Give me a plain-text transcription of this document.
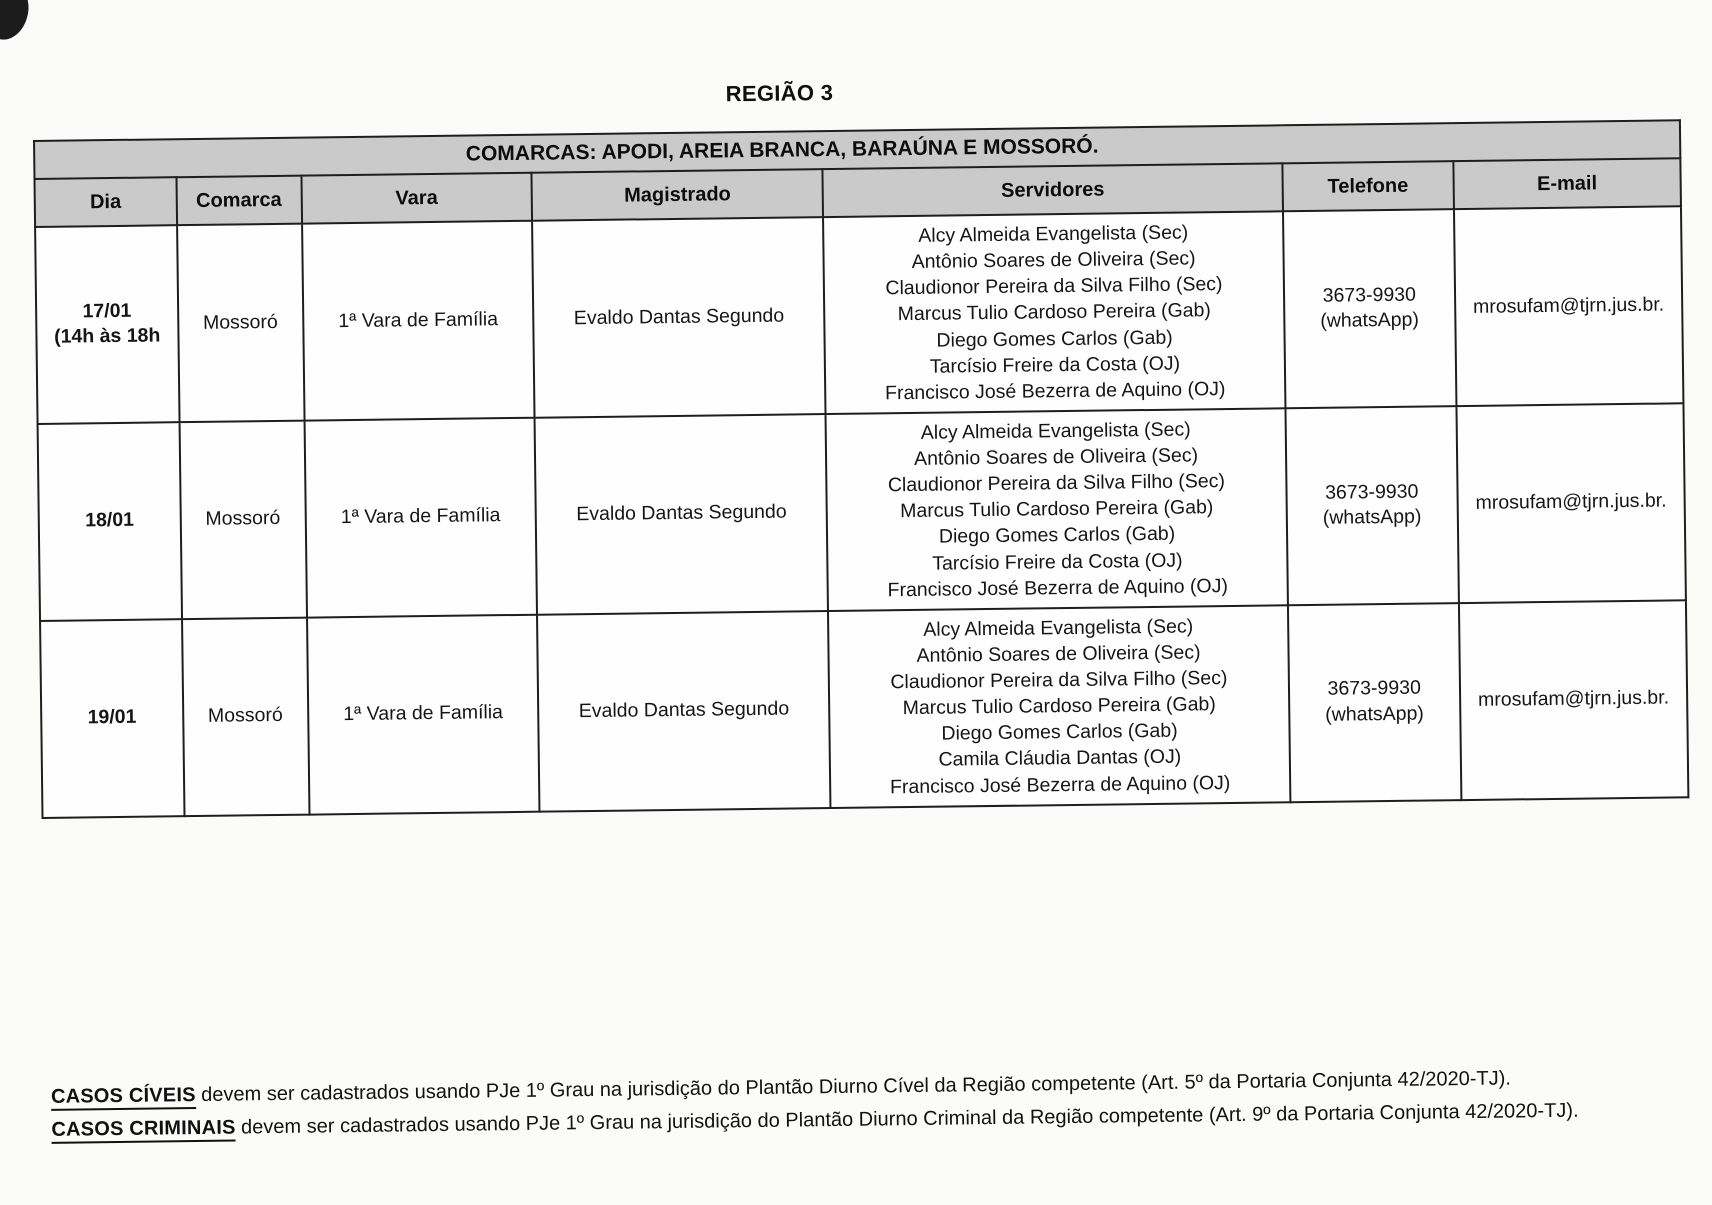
REGIÃO 3
COMARCAS: APODI, AREIA BRANCA, BARAÚNA E MOSSORÓ.						
Dia	Comarca	Vara	Magistrado	Servidores	Telefone	E-mail
17/01
(14h às 18h	Mossoró	1ª Vara de Família	Evaldo Dantas Segundo	Alcy Almeida Evangelista (Sec)
Antônio Soares de Oliveira (Sec)
Claudionor Pereira da Silva Filho (Sec)
Marcus Tulio Cardoso Pereira (Gab)
Diego Gomes Carlos (Gab)
Tarcísio Freire da Costa (OJ)
Francisco José Bezerra de Aquino (OJ)	3673-9930
(whatsApp)	mrosufam@tjrn.jus.br.
18/01	Mossoró	1ª Vara de Família	Evaldo Dantas Segundo	Alcy Almeida Evangelista (Sec)
Antônio Soares de Oliveira (Sec)
Claudionor Pereira da Silva Filho (Sec)
Marcus Tulio Cardoso Pereira (Gab)
Diego Gomes Carlos (Gab)
Tarcísio Freire da Costa (OJ)
Francisco José Bezerra de Aquino (OJ)	3673-9930
(whatsApp)	mrosufam@tjrn.jus.br.
19/01	Mossoró	1ª Vara de Família	Evaldo Dantas Segundo	Alcy Almeida Evangelista (Sec)
Antônio Soares de Oliveira (Sec)
Claudionor Pereira da Silva Filho (Sec)
Marcus Tulio Cardoso Pereira (Gab)
Diego Gomes Carlos (Gab)
Camila Cláudia Dantas (OJ)
Francisco José Bezerra de Aquino (OJ)	3673-9930
(whatsApp)	mrosufam@tjrn.jus.br.
CASOS CÍVEIS devem ser cadastrados usando PJe 1º Grau na jurisdição do Plantão Diurno Cível da Região competente (Art. 5º da Portaria Conjunta 42/2020-TJ).
CASOS CRIMINAIS devem ser cadastrados usando PJe 1º Grau na jurisdição do Plantão Diurno Criminal da Região competente (Art. 9º da Portaria Conjunta 42/2020-TJ).
